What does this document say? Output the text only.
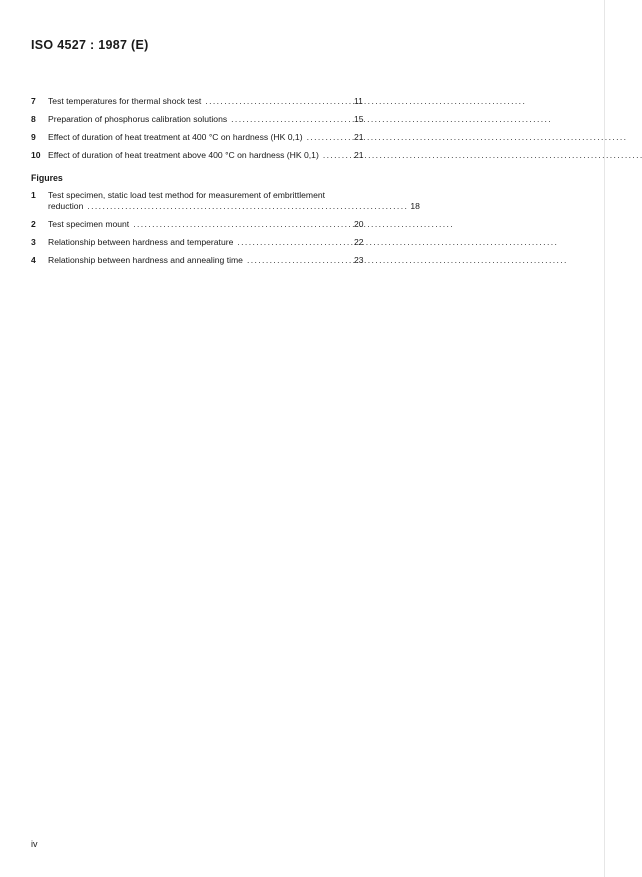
ISO 4527 : 1987 (E)
7	Test temperatures for thermal shock test . . .	11
8	Preparation of phosphorus calibration solutions . . .	15
9	Effect of duration of heat treatment at 400 °C on hardness (HK 0,1) . . .	21
10 Effect of duration of heat treatment above 400 °C on hardness (HK 0,1) . . .	21
Figures
1	Test specimen, static load test method for measurement of embrittlement
reduction . . .	18
2	Test specimen mount . . .	20
3	Relationship between hardness and temperature . . .	22
4	Relationship between hardness and annealing time . . .	23
iv
